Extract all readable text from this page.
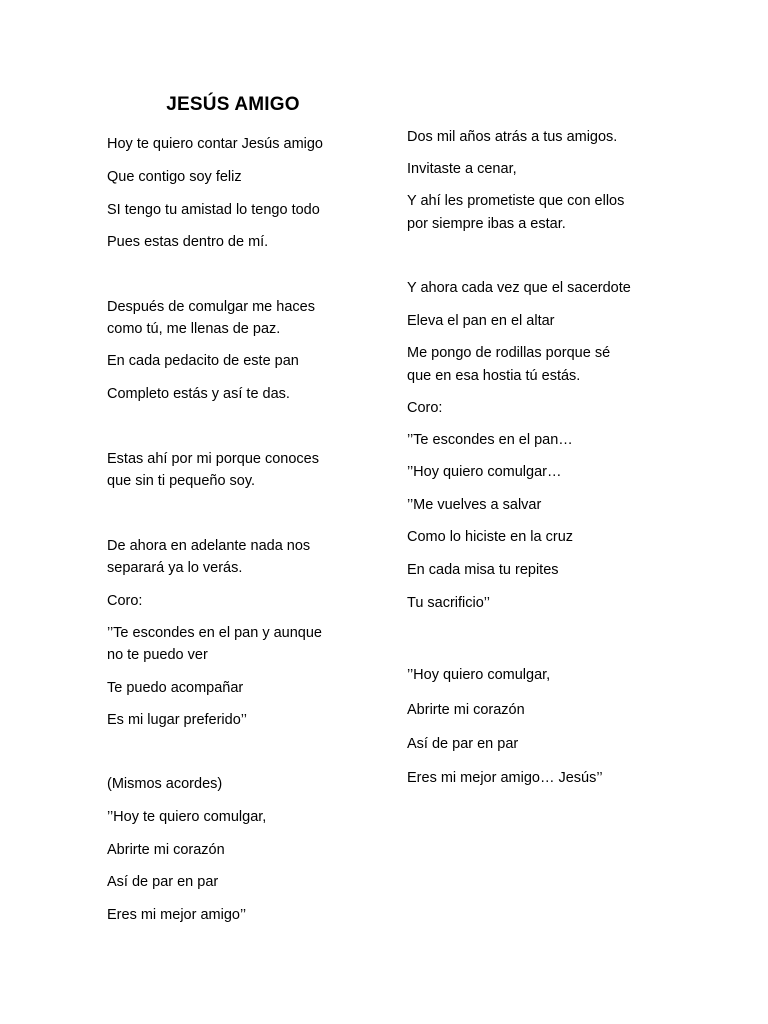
JESÚS AMIGO
Hoy te quiero contar Jesús amigo
Que contigo soy feliz
SI tengo tu amistad lo tengo todo
Pues estas dentro de mí.
Después de comulgar me haces
como tú, me llenas de paz.
En cada pedacito de este pan
Completo estás y así te das.
Estas ahí por mi porque conoces
que sin ti pequeño soy.
De ahora en adelante nada nos
separará ya lo verás.
Coro:
’’Te escondes en el pan y aunque
no te puedo ver
Te puedo acompañar
Es mi lugar preferido’’
(Mismos acordes)
’’Hoy te quiero comulgar,
Abrirte mi corazón
Así de par en par
Eres mi mejor amigo’’
Dos mil años atrás a tus amigos.
Invitaste a cenar,
Y ahí les prometiste que con ellos
por siempre ibas a estar.
Y ahora cada vez que el sacerdote
Eleva el pan en el altar
Me pongo de rodillas porque sé
que en esa hostia tú estás.
Coro:
’’Te escondes en el pan…
’’Hoy quiero comulgar…
’’Me vuelves a salvar
Como lo hiciste en la cruz
En cada misa tu repites
Tu sacrificio’’
’’Hoy quiero comulgar,
Abrirte mi corazón
Así de par en par
Eres mi mejor amigo… Jesús’’
